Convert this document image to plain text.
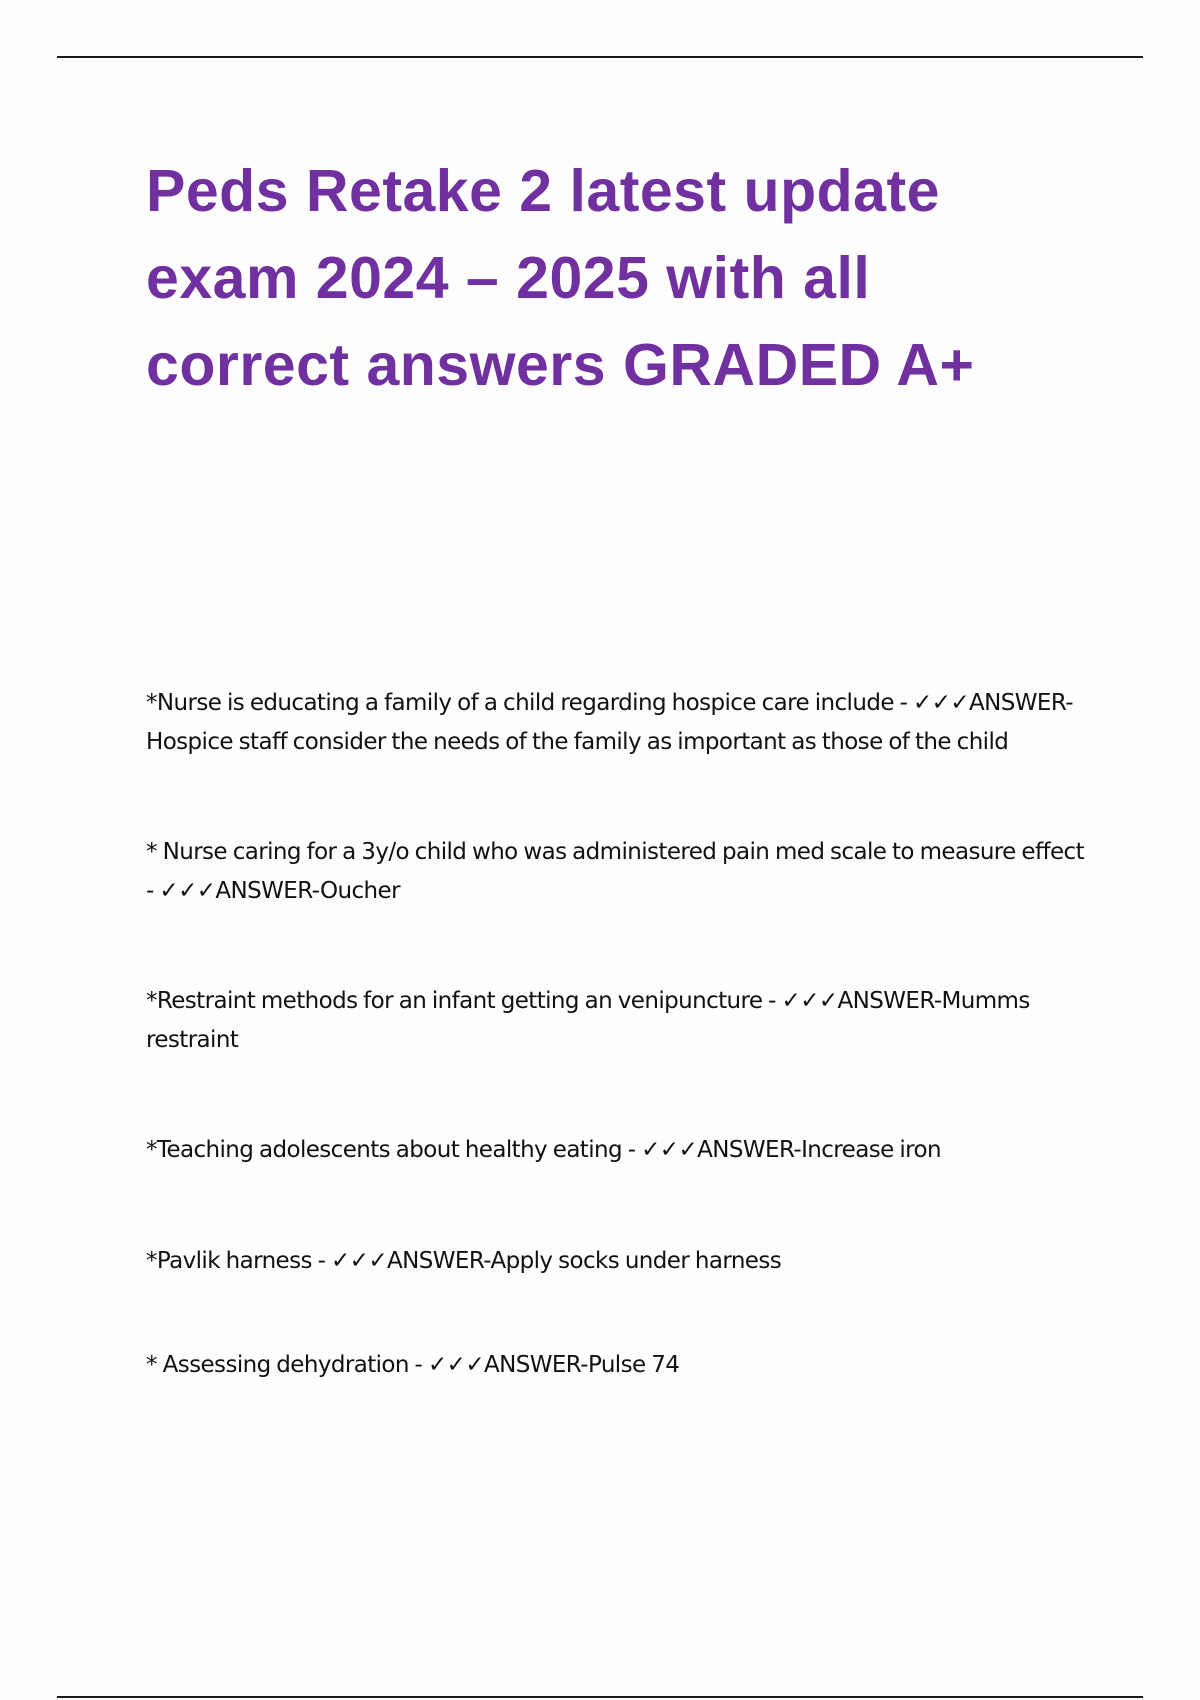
Peds Retake 2 latest update exam 2024 – 2025 with all correct answers GRADED A+
*Nurse is educating a family of a child regarding hospice care include - ✓✓✓ANSWER-Hospice staff consider the needs of the family as important as those of the child
* Nurse caring for a 3y/o child who was administered pain med scale to measure effect - ✓✓✓ANSWER-Oucher
*Restraint methods for an infant getting an venipuncture - ✓✓✓ANSWER-Mumms restraint
*Teaching adolescents about healthy eating - ✓✓✓ANSWER-Increase iron
*Pavlik harness - ✓✓✓ANSWER-Apply socks under harness
* Assessing dehydration - ✓✓✓ANSWER-Pulse 74
